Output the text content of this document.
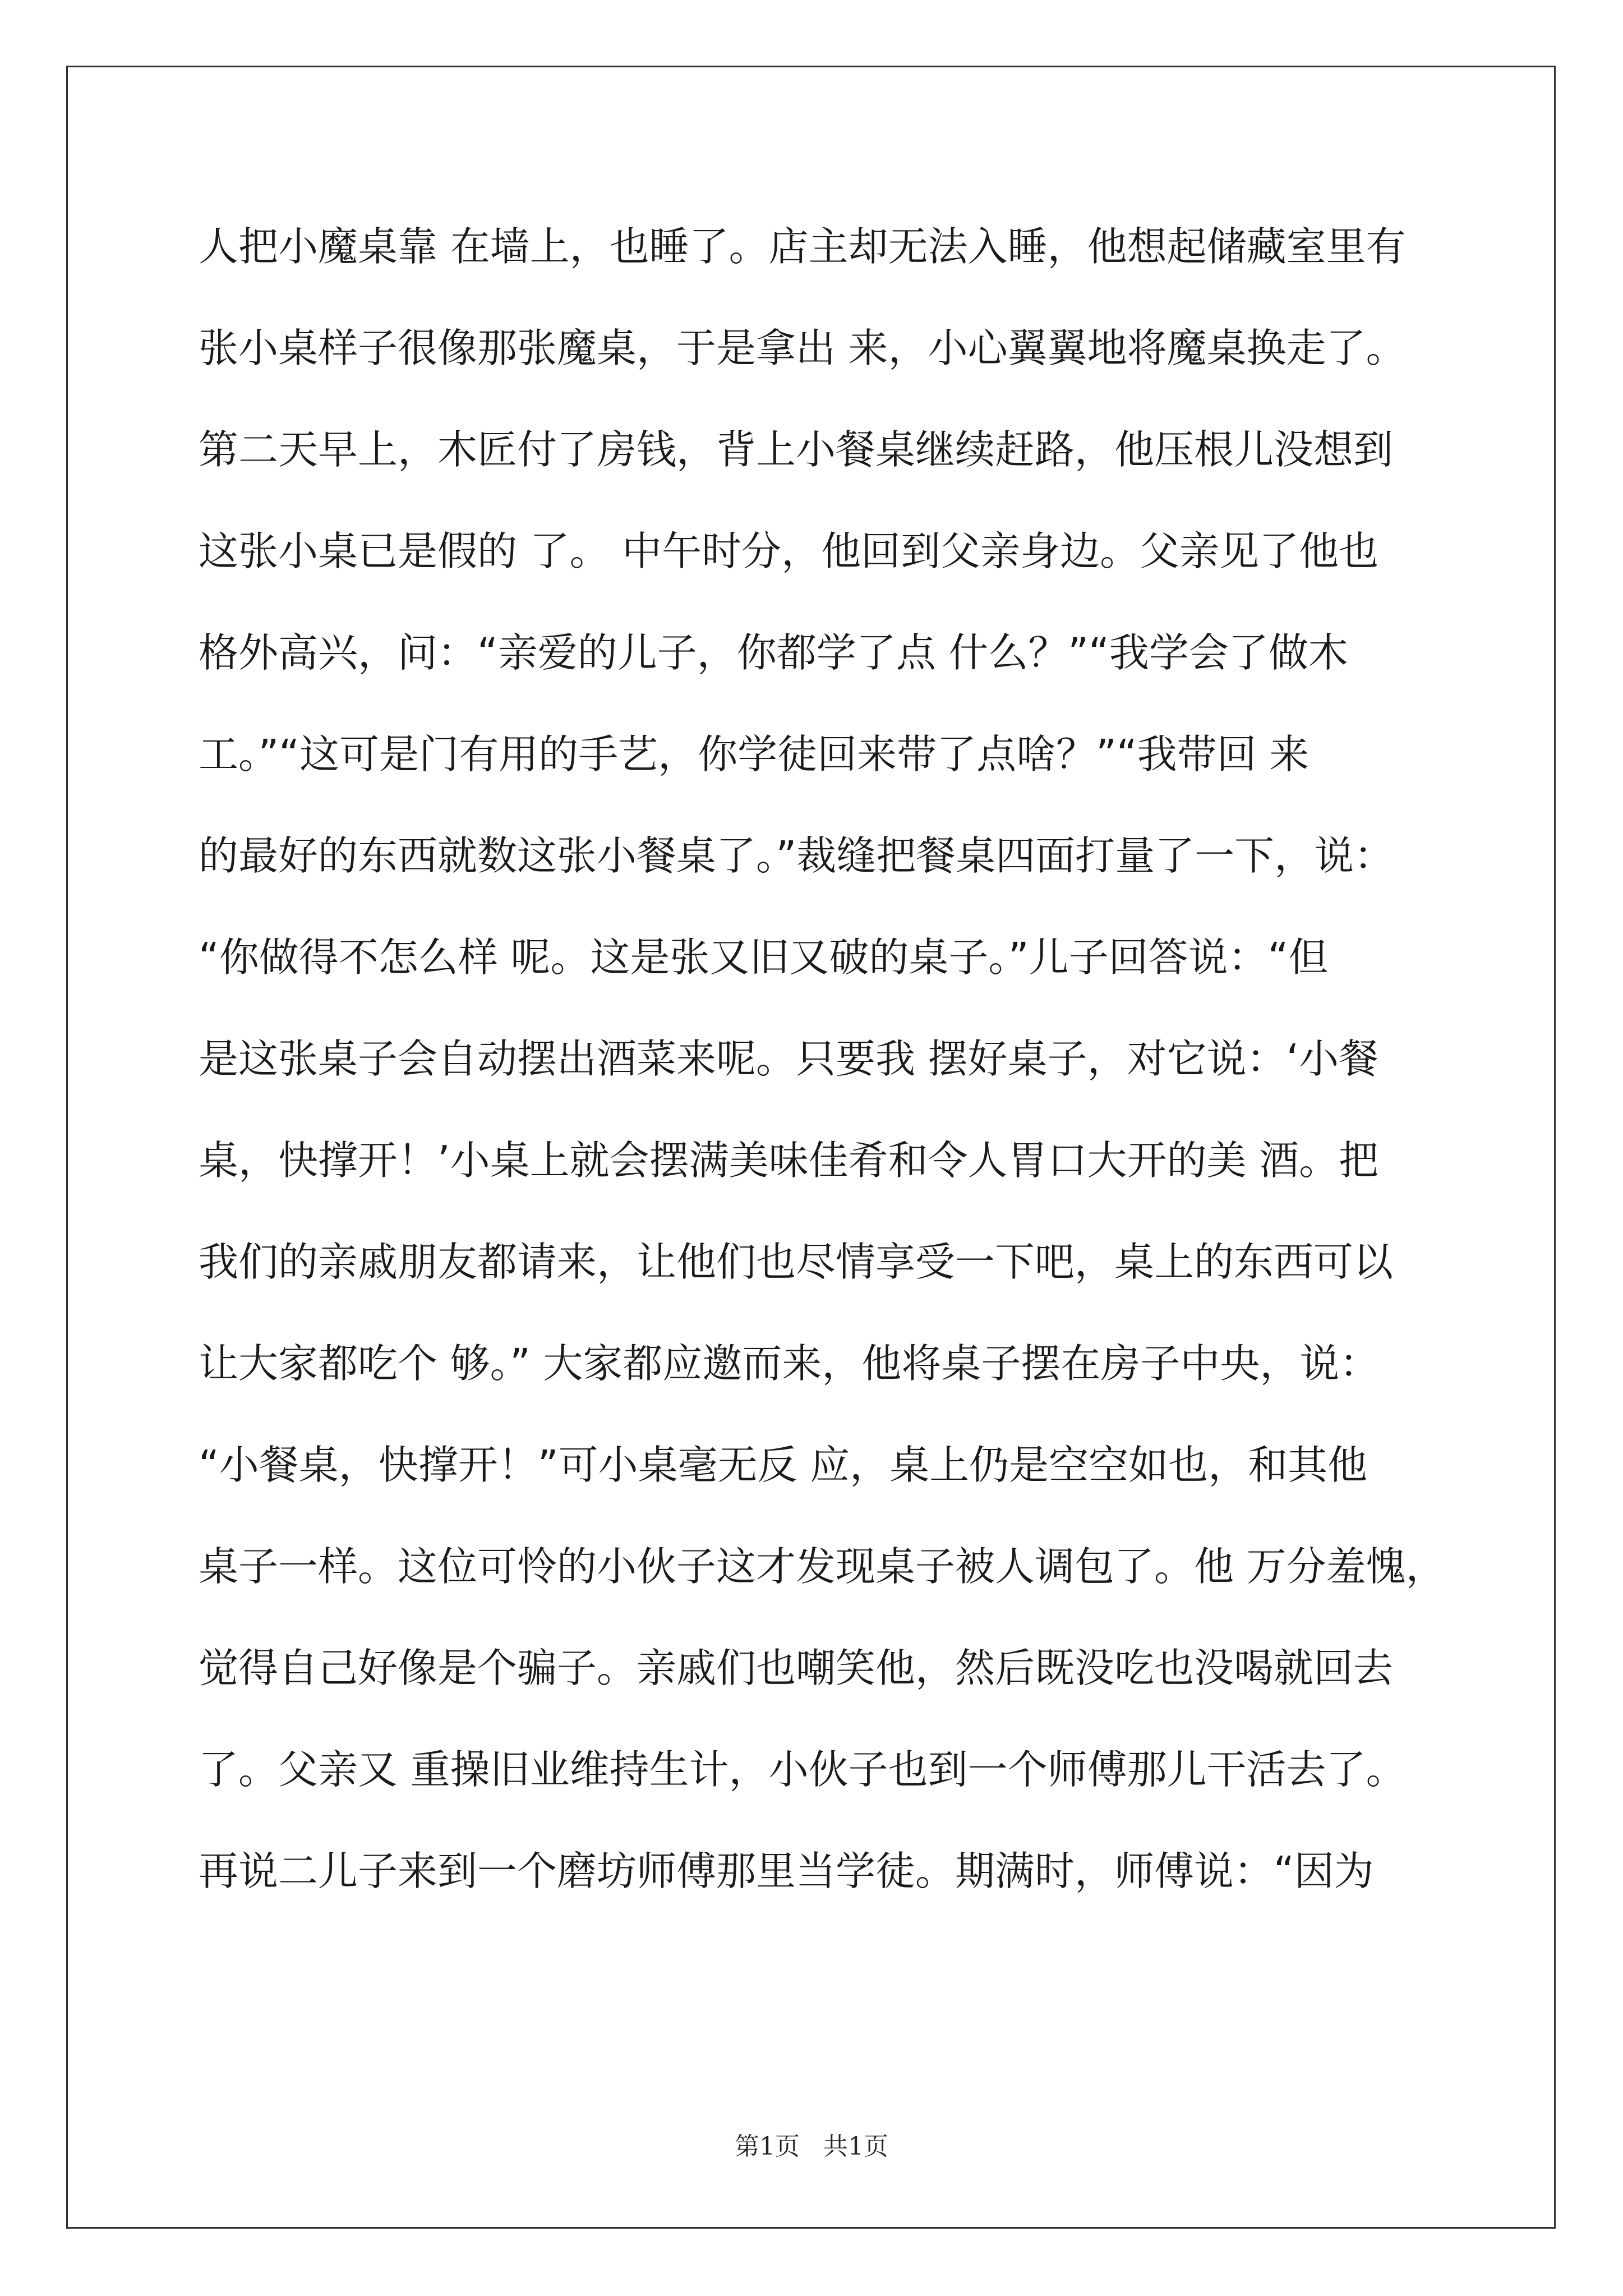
人把小魔桌靠 在墙上，也睡了。店主却无法入睡，他想起储藏室里有
张小桌样子很像那张魔桌，于是拿出 来，小心翼翼地将魔桌换走了。
第二天早上，木匠付了房钱，背上小餐桌继续赶路，他压根儿没想到
这张小桌已是假的 了。 中午时分，他回到父亲身边。父亲见了他也
格外高兴，问：“亲爱的儿子，你都学了点 什么？”“我学会了做木
工。”“这可是门有用的手艺，你学徒回来带了点啥？”“我带回 来
的最好的东西就数这张小餐桌了。”裁缝把餐桌四面打量了一下，说：
“你做得不怎么样 呢。这是张又旧又破的桌子。”儿子回答说：“但
是这张桌子会自动摆出酒菜来呢。只要我 摆好桌子，对它说：‘小餐
桌，快撑开！’小桌上就会摆满美味佳肴和令人胃口大开的美 酒。把
我们的亲戚朋友都请来，让他们也尽情享受一下吧，桌上的东西可以
让大家都吃个 够。” 大家都应邀而来，他将桌子摆在房子中央，说：
“小餐桌，快撑开！”可小桌毫无反 应，桌上仍是空空如也，和其他
桌子一样。这位可怜的小伙子这才发现桌子被人调包了。他 万分羞愧，
觉得自己好像是个骗子。亲戚们也嘲笑他，然后既没吃也没喝就回去
了。父亲又 重操旧业维持生计，小伙子也到一个师傅那儿干活去了。
再说二儿子来到一个磨坊师傅那里当学徒。期满时，师傅说：“因为
第1页   共1页
